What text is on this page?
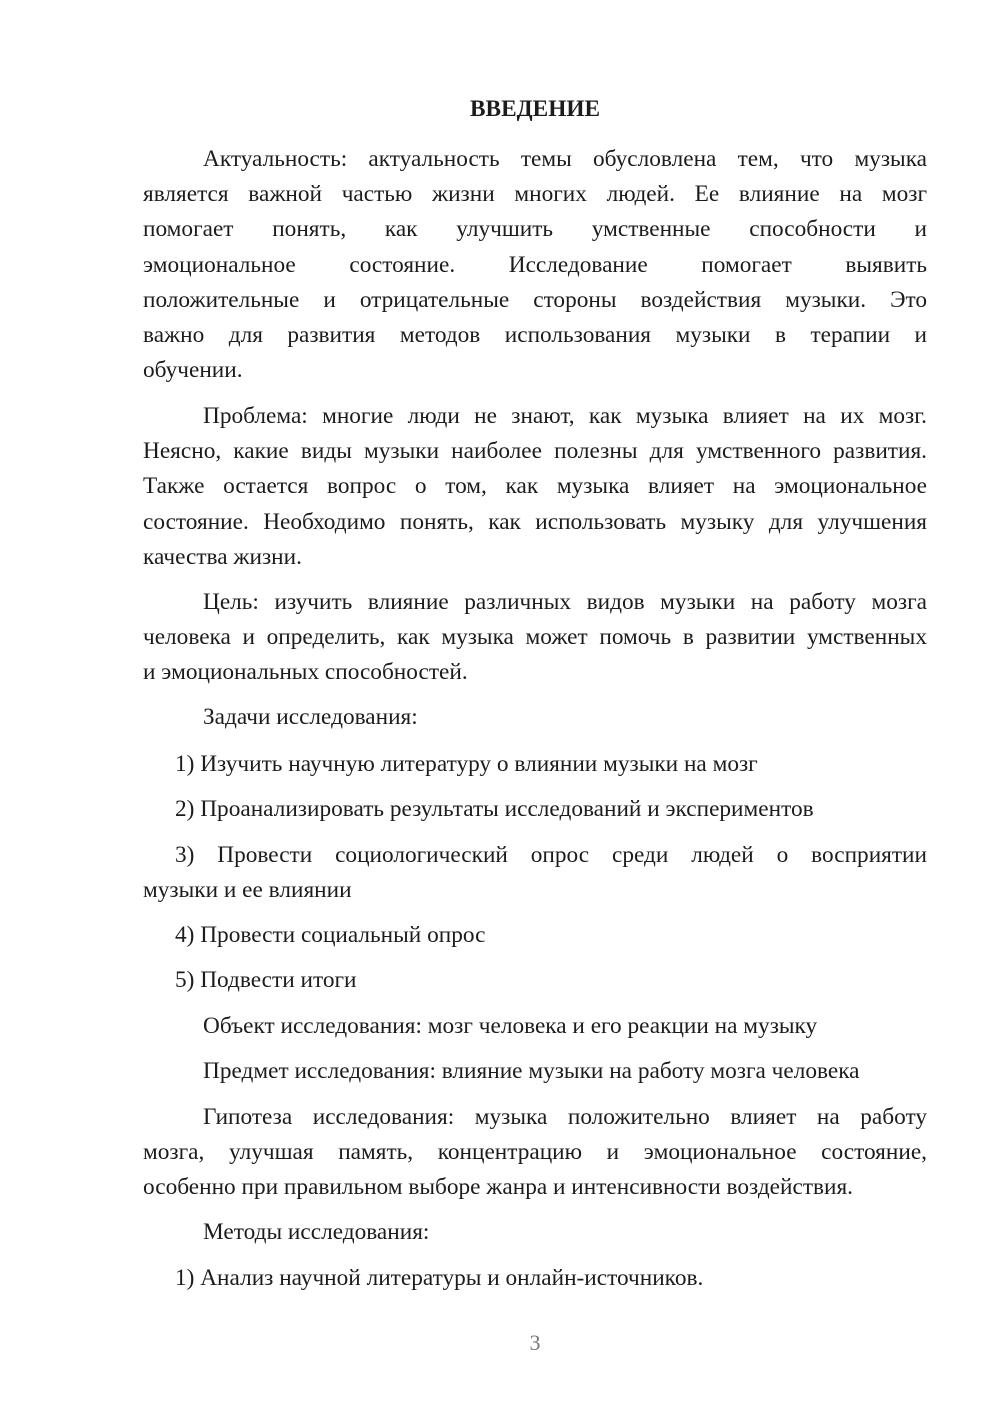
ВВЕДЕНИЕ
Актуальность: актуальность темы обусловлена тем, что музыка
является важной частью жизни многих людей. Ее влияние на мозг
помогает понять, как улучшить умственные способности и
эмоциональное состояние. Исследование помогает выявить
положительные и отрицательные стороны воздействия музыки. Это
важно для развития методов использования музыки в терапии и
обучении.
Проблема: многие люди не знают, как музыка влияет на их мозг.
Неясно, какие виды музыки наиболее полезны для умственного развития.
Также остается вопрос о том, как музыка влияет на эмоциональное
состояние. Необходимо понять, как использовать музыку для улучшения
качества жизни.
Цель: изучить влияние различных видов музыки на работу мозга
человека и определить, как музыка может помочь в развитии умственных
и эмоциональных способностей.
Задачи исследования:
1) Изучить научную литературу о влиянии музыки на мозг
2) Проанализировать результаты исследований и экспериментов
3) Провести социологический опрос среди людей о восприятии
музыки и ее влиянии
4) Провести социальный опрос
5) Подвести итоги
Объект исследования: мозг человека и его реакции на музыку
Предмет исследования: влияние музыки на работу мозга человека
Гипотеза исследования: музыка положительно влияет на работу
мозга, улучшая память, концентрацию и эмоциональное состояние,
особенно при правильном выборе жанра и интенсивности воздействия.
Методы исследования:
1) Анализ научной литературы и онлайн-источников.
3
